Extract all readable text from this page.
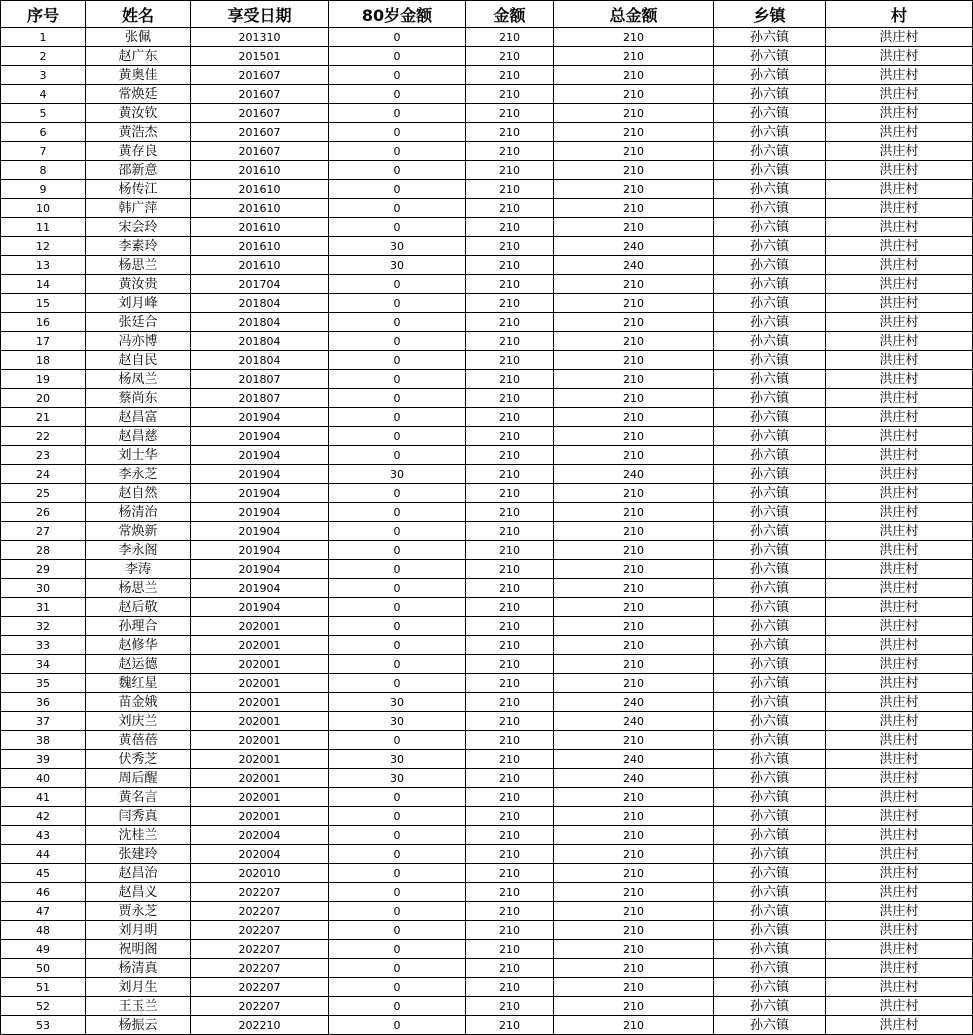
序号	姓名	享受日期	80岁金额	金额	总金额	乡镇	村
1	张佩	201310	0	210	210	孙六镇	洪庄村
2	赵广东	201501	0	210	210	孙六镇	洪庄村
3	黄奥佳	201607	0	210	210	孙六镇	洪庄村
4	常焕廷	201607	0	210	210	孙六镇	洪庄村
5	黄汝钦	201607	0	210	210	孙六镇	洪庄村
6	黄浩杰	201607	0	210	210	孙六镇	洪庄村
7	黄存良	201607	0	210	210	孙六镇	洪庄村
8	邵新意	201610	0	210	210	孙六镇	洪庄村
9	杨传江	201610	0	210	210	孙六镇	洪庄村
10	韩广萍	201610	0	210	210	孙六镇	洪庄村
11	宋会玲	201610	0	210	210	孙六镇	洪庄村
12	李素玲	201610	30	210	240	孙六镇	洪庄村
13	杨思兰	201610	30	210	240	孙六镇	洪庄村
14	黄汝贵	201704	0	210	210	孙六镇	洪庄村
15	刘月峰	201804	0	210	210	孙六镇	洪庄村
16	张廷合	201804	0	210	210	孙六镇	洪庄村
17	冯亦博	201804	0	210	210	孙六镇	洪庄村
18	赵自民	201804	0	210	210	孙六镇	洪庄村
19	杨凤兰	201807	0	210	210	孙六镇	洪庄村
20	蔡尚东	201807	0	210	210	孙六镇	洪庄村
21	赵昌富	201904	0	210	210	孙六镇	洪庄村
22	赵昌慈	201904	0	210	210	孙六镇	洪庄村
23	刘士华	201904	0	210	210	孙六镇	洪庄村
24	李永芝	201904	30	210	240	孙六镇	洪庄村
25	赵自然	201904	0	210	210	孙六镇	洪庄村
26	杨清治	201904	0	210	210	孙六镇	洪庄村
27	常焕新	201904	0	210	210	孙六镇	洪庄村
28	李永阁	201904	0	210	210	孙六镇	洪庄村
29	李涛	201904	0	210	210	孙六镇	洪庄村
30	杨思兰	201904	0	210	210	孙六镇	洪庄村
31	赵后敬	201904	0	210	210	孙六镇	洪庄村
32	孙理合	202001	0	210	210	孙六镇	洪庄村
33	赵修华	202001	0	210	210	孙六镇	洪庄村
34	赵运德	202001	0	210	210	孙六镇	洪庄村
35	魏红星	202001	0	210	210	孙六镇	洪庄村
36	苗金娥	202001	30	210	240	孙六镇	洪庄村
37	刘庆兰	202001	30	210	240	孙六镇	洪庄村
38	黄蓓蓓	202001	0	210	210	孙六镇	洪庄村
39	伏秀芝	202001	30	210	240	孙六镇	洪庄村
40	周后醒	202001	30	210	240	孙六镇	洪庄村
41	黄名言	202001	0	210	210	孙六镇	洪庄村
42	闫秀真	202001	0	210	210	孙六镇	洪庄村
43	沈桂兰	202004	0	210	210	孙六镇	洪庄村
44	张建玲	202004	0	210	210	孙六镇	洪庄村
45	赵昌治	202010	0	210	210	孙六镇	洪庄村
46	赵昌义	202207	0	210	210	孙六镇	洪庄村
47	贾永芝	202207	0	210	210	孙六镇	洪庄村
48	刘月明	202207	0	210	210	孙六镇	洪庄村
49	祝明阁	202207	0	210	210	孙六镇	洪庄村
50	杨清真	202207	0	210	210	孙六镇	洪庄村
51	刘月生	202207	0	210	210	孙六镇	洪庄村
52	王玉兰	202207	0	210	210	孙六镇	洪庄村
53	杨振云	202210	0	210	210	孙六镇	洪庄村
